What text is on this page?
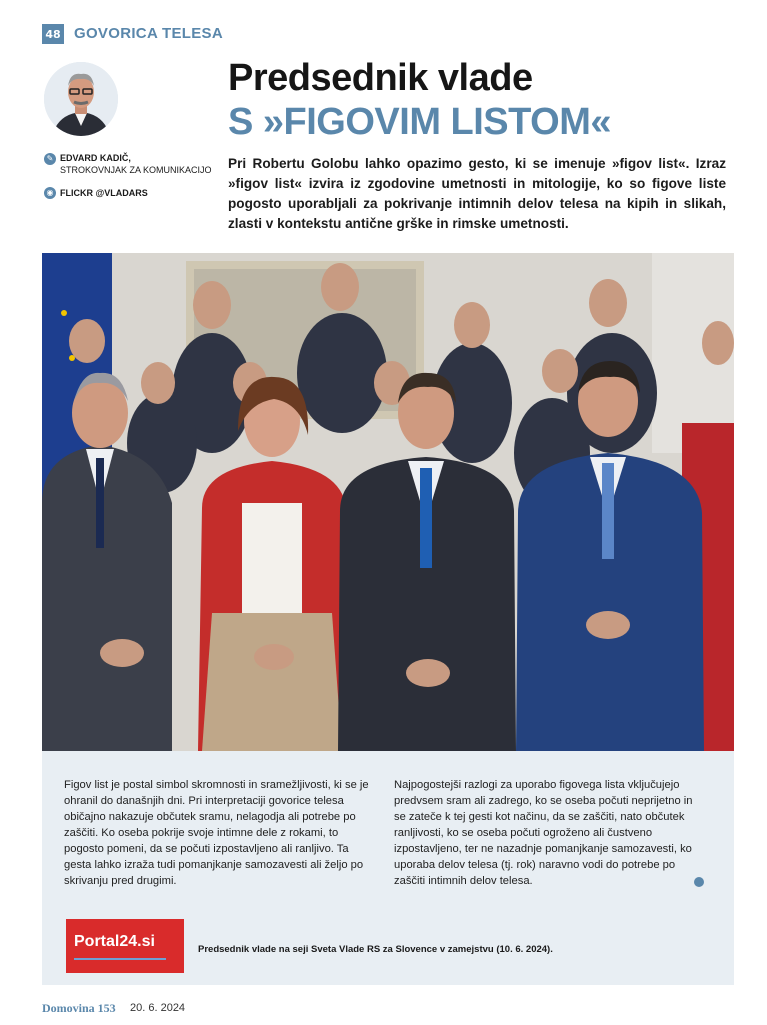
48 GOVORICA TELESA
✎ EDVARD KADIČ,
STROKOVNJAK ZA KOMUNIKACIJO
◉ FLICKR @VLADARS
Predsednik vlade
S »FIGOVIM LISTOM«
Pri Robertu Golobu lahko opazimo gesto, ki se imenuje »figov list«. Izraz »figov list« izvira iz zgodovine umetnosti in mitologije, ko so figove liste pogosto uporabljali za pokrivanje intimnih delov telesa na kipih in slikah, zlasti v kontekstu antične grške in rimske umetnosti.
Figov list je postal simbol skromnosti in sramežljivosti, ki se je ohranil do današnjih dni. Pri interpretaciji govorice telesa običajno nakazuje občutek sramu, nelagodja ali potrebe po zaščiti. Ko oseba pokrije svoje intimne dele z rokami, to pogosto pomeni, da se počuti izpostavljeno ali ranljivo. Ta gesta lahko izraža tudi pomanjkanje samozavesti ali željo po skrivanju pred drugimi.
Najpogostejši razlogi za uporabo figovega lista vključujejo predvsem sram ali zadrego, ko se oseba počuti neprijetno in se zateče k tej gesti kot načinu, da se zaščiti, nato občutek ranljivosti, ko se oseba počuti ogroženo ali čustveno izpostavljeno, ter ne nazadnje pomanjkanje samozavesti, ko uporaba delov telesa (tj. rok) naravno vodi do potrebe po zaščiti intimnih delov telesa.
Portal24.si	Predsednik vlade na seji Sveta Vlade RS za Slovence v zamejstvu (10. 6. 2024).
Domovina 153 20. 6. 2024
